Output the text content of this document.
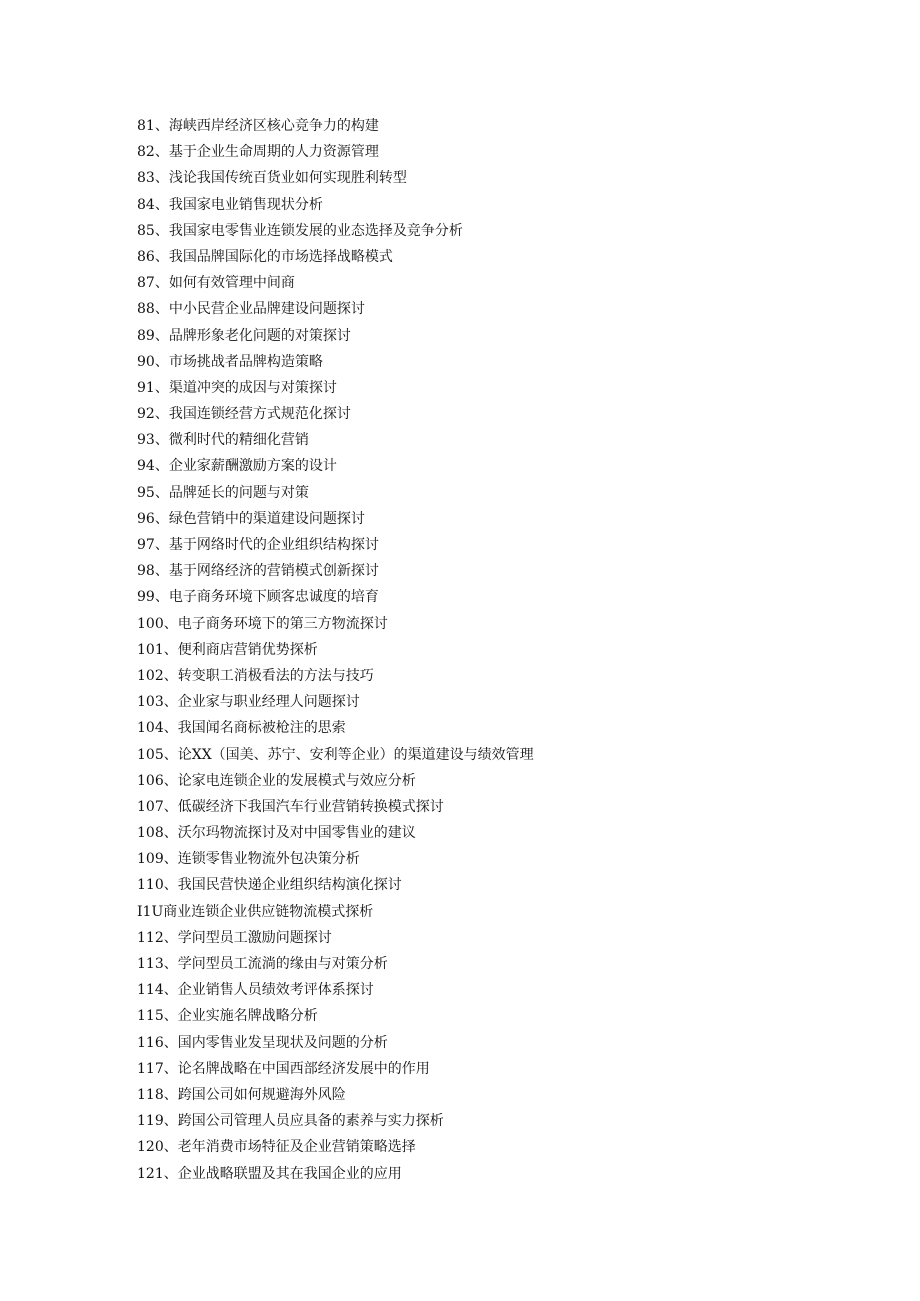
81、海峡西岸经济区核心竞争力的构建
82、基于企业生命周期的人力资源管理
83、浅论我国传统百货业如何实现胜利转型
84、我国家电业销售现状分析
85、我国家电零售业连锁发展的业态选择及竞争分析
86、我国品牌国际化的市场选择战略模式
87、如何有效管理中间商
88、中小民营企业品牌建设问题探讨
89、品牌形象老化问题的对策探讨
90、市场挑战者品牌构造策略
91、渠道冲突的成因与对策探讨
92、我国连锁经营方式规范化探讨
93、微利时代的精细化营销
94、企业家薪酬激励方案的设计
95、品牌延长的问题与对策
96、绿色营销中的渠道建设问题探讨
97、基于网络时代的企业组织结构探讨
98、基于网络经济的营销模式创新探讨
99、电子商务环境下顾客忠诚度的培育
100、电子商务环境下的第三方物流探讨
101、便利商店营销优势探析
102、转变职工消极看法的方法与技巧
103、企业家与职业经理人问题探讨
104、我国闻名商标被枪注的思索
105、论XX（国美、苏宁、安利等企业）的渠道建设与绩效管理
106、论家电连锁企业的发展模式与效应分析
107、低碳经济下我国汽车行业营销转换模式探讨
108、沃尔玛物流探讨及对中国零售业的建议
109、连锁零售业物流外包决策分析
110、我国民营快递企业组织结构演化探讨
I1U商业连锁企业供应链物流模式探析
112、学问型员工激励问题探讨
113、学问型员工流淌的缘由与对策分析
114、企业销售人员绩效考评体系探讨
115、企业实施名牌战略分析
116、国内零售业发呈现状及问题的分析
117、论名牌战略在中国西部经济发展中的作用
118、跨国公司如何规避海外风险
119、跨国公司管理人员应具备的素养与实力探析
120、老年消费市场特征及企业营销策略选择
121、企业战略联盟及其在我国企业的应用
